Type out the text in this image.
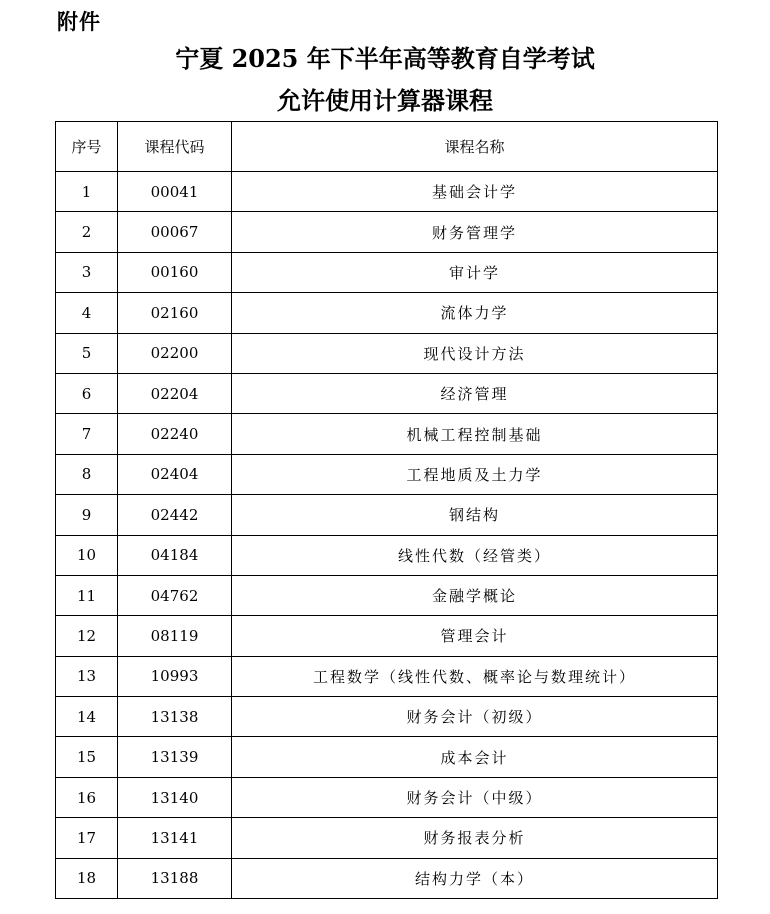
附件
宁夏 2025 年下半年高等教育自学考试
允许使用计算器课程
序号	课程代码	课程名称
1	00041	基础会计学
2	00067	财务管理学
3	00160	审计学
4	02160	流体力学
5	02200	现代设计方法
6	02204	经济管理
7	02240	机械工程控制基础
8	02404	工程地质及土力学
9	02442	钢结构
10	04184	线性代数（经管类）
11	04762	金融学概论
12	08119	管理会计
13	10993	工程数学（线性代数、概率论与数理统计）
14	13138	财务会计（初级）
15	13139	成本会计
16	13140	财务会计（中级）
17	13141	财务报表分析
18	13188	结构力学（本）
